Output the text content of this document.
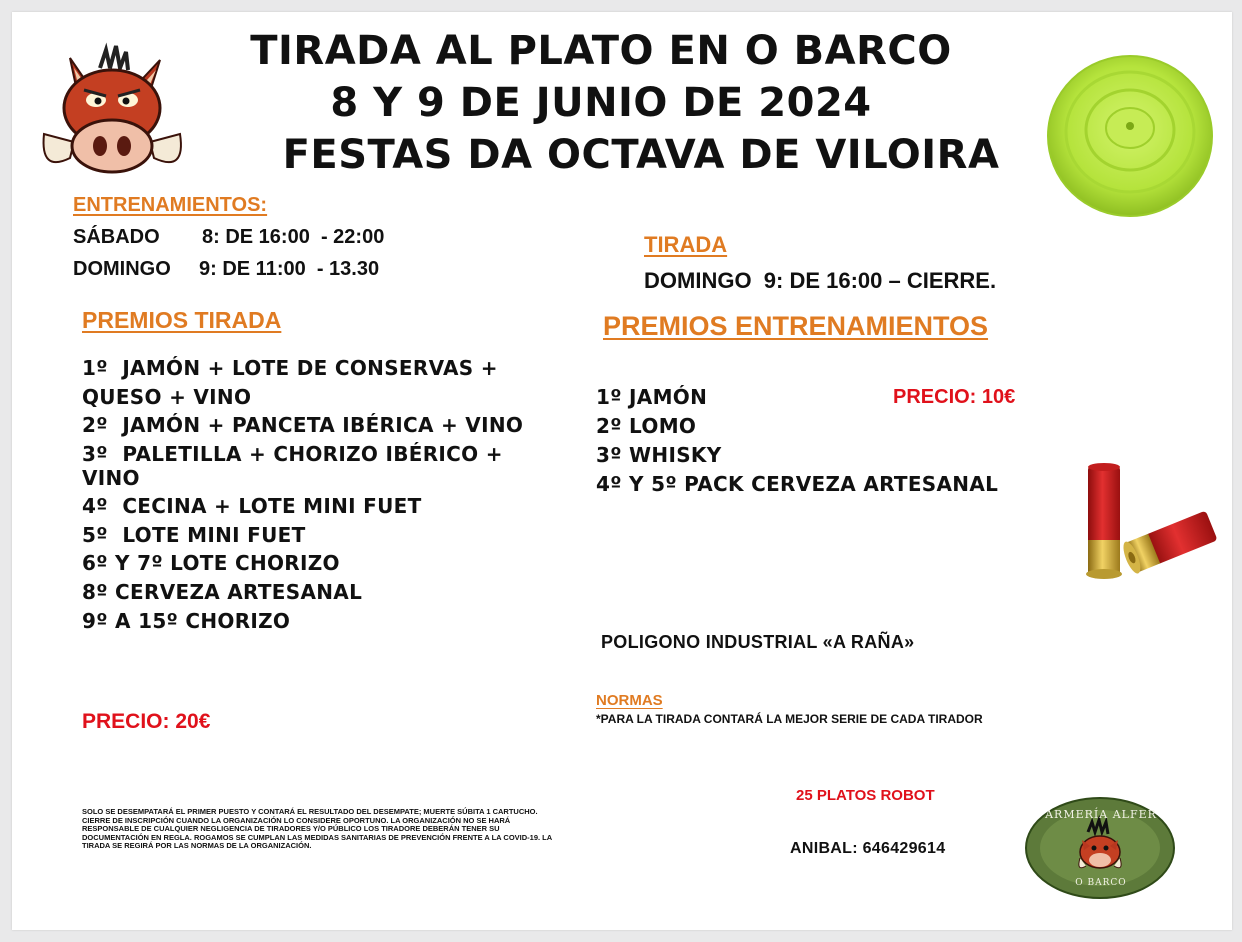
TIRADA AL PLATO EN O BARCO
8 Y 9 DE JUNIO DE 2024
FESTAS DA OCTAVA DE VILOIRA
ENTRENAMIENTOS:
SÁBADO 8: DE 16:00  - 22:00
DOMINGO 9: DE 11:00  - 13.30
TIRADA
DOMINGO  9: DE 16:00 – CIERRE.
PREMIOS TIRADA
1º  JAMÓN + LOTE DE CONSERVAS +
QUESO + VINO
2º  JAMÓN + PANCETA IBÉRICA + VINO
3º  PALETILLA + CHORIZO IBÉRICO +
VINO
4º  CECINA + LOTE MINI FUET
5º  LOTE MINI FUET
6º Y 7º LOTE CHORIZO
8º CERVEZA ARTESANAL
9º A 15º CHORIZO
PRECIO: 20€
PREMIOS ENTRENAMIENTOS
1º JAMÓN
2º LOMO
3º WHISKY
4º Y 5º PACK CERVEZA ARTESANAL
PRECIO: 10€
POLIGONO INDUSTRIAL «A RAÑA»
NORMAS
*PARA LA TIRADA CONTARÁ LA MEJOR SERIE DE CADA TIRADOR
SOLO SE DESEMPATARÁ EL PRIMER PUESTO Y CONTARÁ EL RESULTADO DEL DESEMPATE; MUERTE SÚBITA 1 CARTUCHO. CIERRE DE INSCRIPCIÓN CUANDO LA ORGANIZACIÓN LO CONSIDERE OPORTUNO. LA ORGANIZACIÓN NO SE HARÁ RESPONSABLE DE CUALQUIER NEGLIGENCIA DE TIRADORES Y/O PÚBLICO LOS TIRADORE DEBERÁN TENER SU DOCUMENTACIÓN EN REGLA. ROGAMOS SE CUMPLAN LAS MEDIDAS SANITARIAS DE PREVENCIÓN FRENTE A LA COVID-19. LA TIRADA SE REGIRÁ POR LAS NORMAS DE LA ORGANIZACIÓN.
25 PLATOS ROBOT
ANIBAL: 646429614
ARMERÍA ALFER
O BARCO
